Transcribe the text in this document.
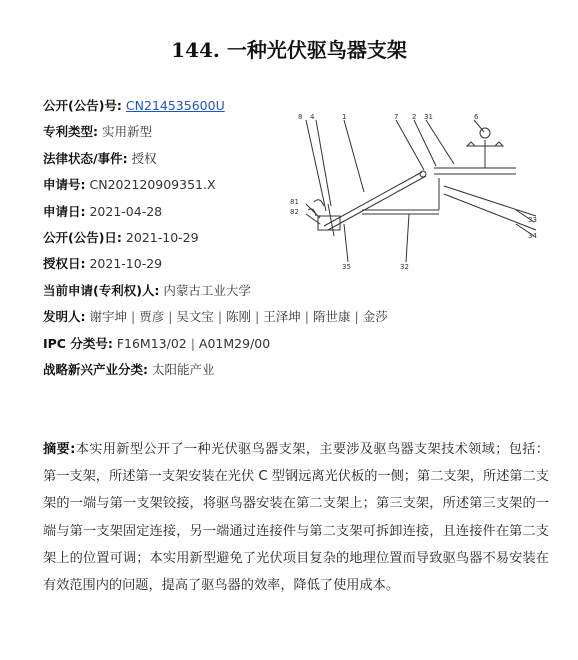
144. 一种光伏驱鸟器支架
公开(公告)号: CN214535600U
专利类型: 实用新型
法律状态/事件: 授权
申请号: CN202120909351.X
申请日: 2021-04-28
公开(公告)日: 2021-10-29
授权日: 2021-10-29
当前申请(专利权)人: 内蒙古工业大学
发明人: 谢宇坤 | 贾彦 | 吴文宝 | 陈刚 | 王泽坤 | 隋世康 | 金莎
IPC 分类号: F16M13/02 | A01M29/00
战略新兴产业分类: 太阳能产业
8 4	1	7 2 31	6
81
82
35	32
33
34
摘要:本实用新型公开了一种光伏驱鸟器支架，主要涉及驱鸟器支架技术领域；包括：第一支架，所述第一支架安装在光伏 C 型钢远离光伏板的一侧；第二支架，所述第二支架的一端与第一支架铰接，将驱鸟器安装在第二支架上；第三支架，所述第三支架的一端与第一支架固定连接，另一端通过连接件与第二支架可拆卸连接，且连接件在第二支架上的位置可调；本实用新型避免了光伏项目复杂的地理位置而导致驱鸟器不易安装在有效范围内的问题，提高了驱鸟器的效率，降低了使用成本。
